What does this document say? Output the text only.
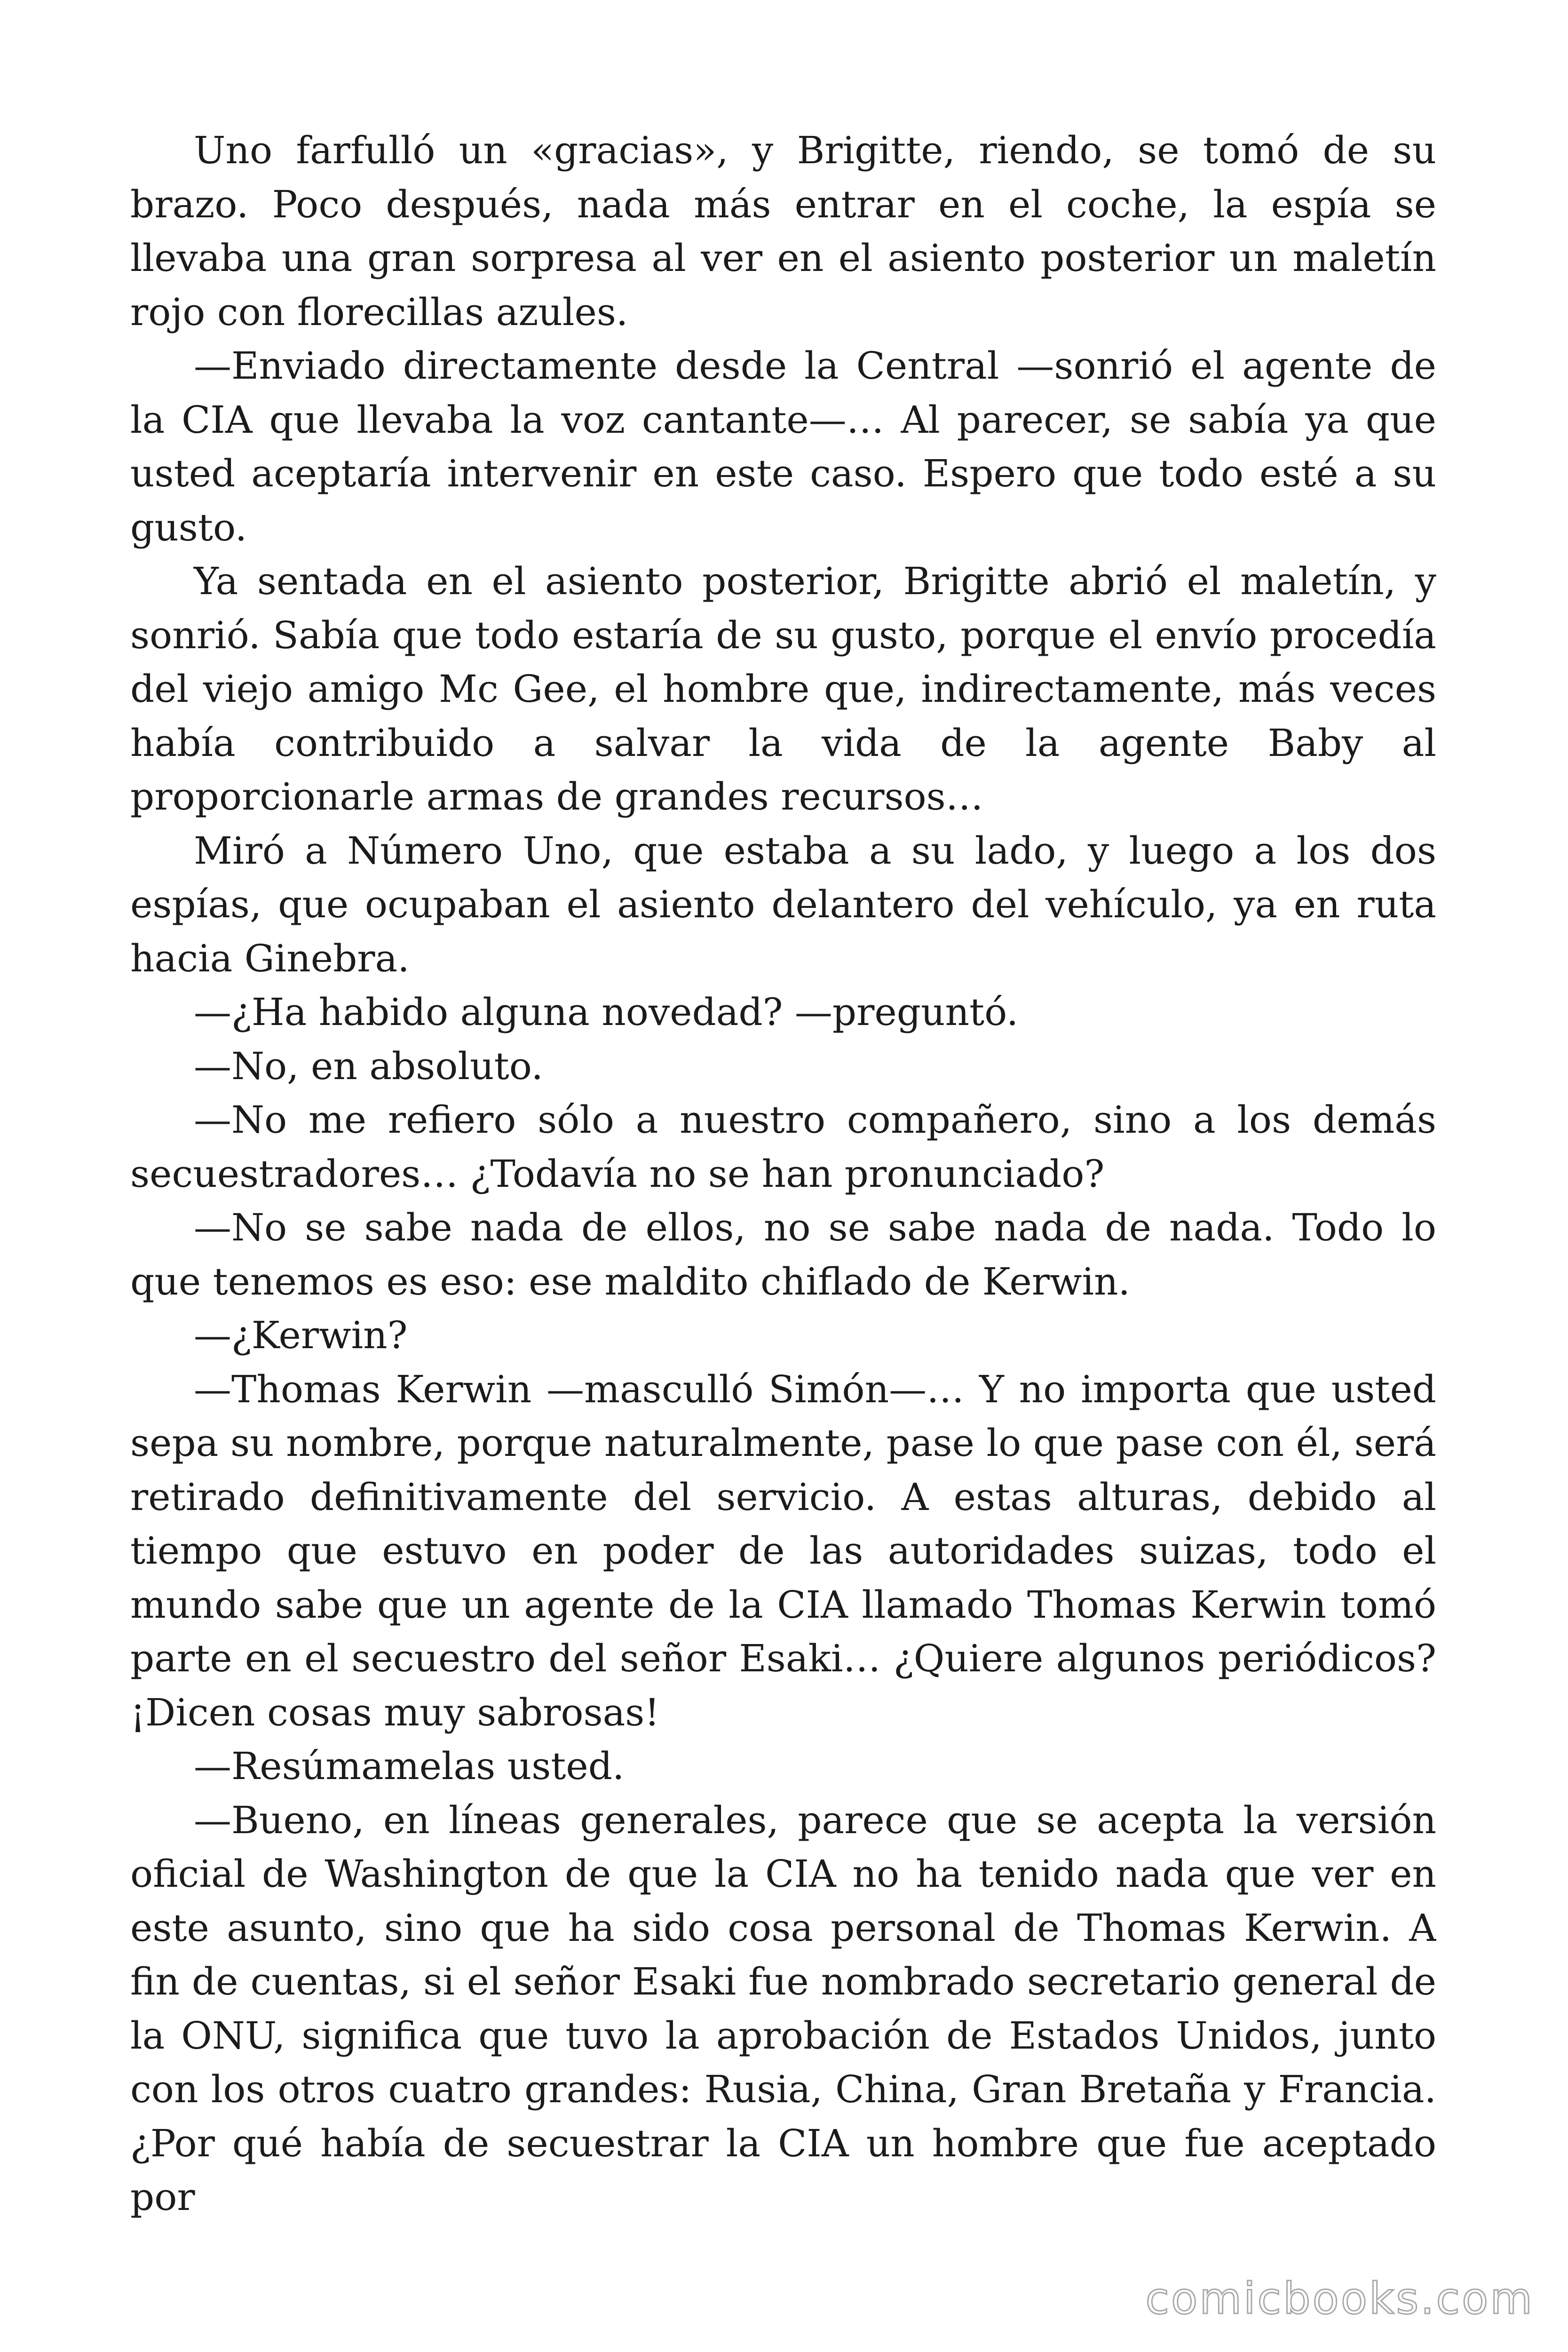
Uno farfulló un «gracias», y Brigitte, riendo, se tomó de su brazo. Poco después, nada más entrar en el coche, la espía se llevaba una gran sorpresa al ver en el asiento posterior un maletín rojo con florecillas azules.

—Enviado directamente desde la Central —sonrió el agente de la CIA que llevaba la voz cantante—… Al parecer, se sabía ya que usted aceptaría intervenir en este caso. Espero que todo esté a su gusto.

Ya sentada en el asiento posterior, Brigitte abrió el maletín, y sonrió. Sabía que todo estaría de su gusto, porque el envío procedía del viejo amigo Mc Gee, el hombre que, indirectamente, más veces había contribuido a salvar la vida de la agente Baby al proporcionarle armas de grandes recursos…

Miró a Número Uno, que estaba a su lado, y luego a los dos espías, que ocupaban el asiento delantero del vehículo, ya en ruta hacia Ginebra.

—¿Ha habido alguna novedad? —preguntó.

—No, en absoluto.

—No me refiero sólo a nuestro compañero, sino a los demás secuestradores… ¿Todavía no se han pronunciado?

—No se sabe nada de ellos, no se sabe nada de nada. Todo lo que tenemos es eso: ese maldito chiflado de Kerwin.

—¿Kerwin?

—Thomas Kerwin —masculló Simón—… Y no importa que usted sepa su nombre, porque naturalmente, pase lo que pase con él, será retirado definitivamente del servicio. A estas alturas, debido al tiempo que estuvo en poder de las autoridades suizas, todo el mundo sabe que un agente de la CIA llamado Thomas Kerwin tomó parte en el secuestro del señor Esaki… ¿Quiere algunos periódicos? ¡Dicen cosas muy sabrosas!

—Resúmamelas usted.

—Bueno, en líneas generales, parece que se acepta la versión oficial de Washington de que la CIA no ha tenido nada que ver en este asunto, sino que ha sido cosa personal de Thomas Kerwin. A fin de cuentas, si el señor Esaki fue nombrado secretario general de la ONU, significa que tuvo la aprobación de Estados Unidos, junto con los otros cuatro grandes: Rusia, China, Gran Bretaña y Francia. ¿Por qué había de secuestrar la CIA un hombre que fue aceptado por

comicbooks.com
